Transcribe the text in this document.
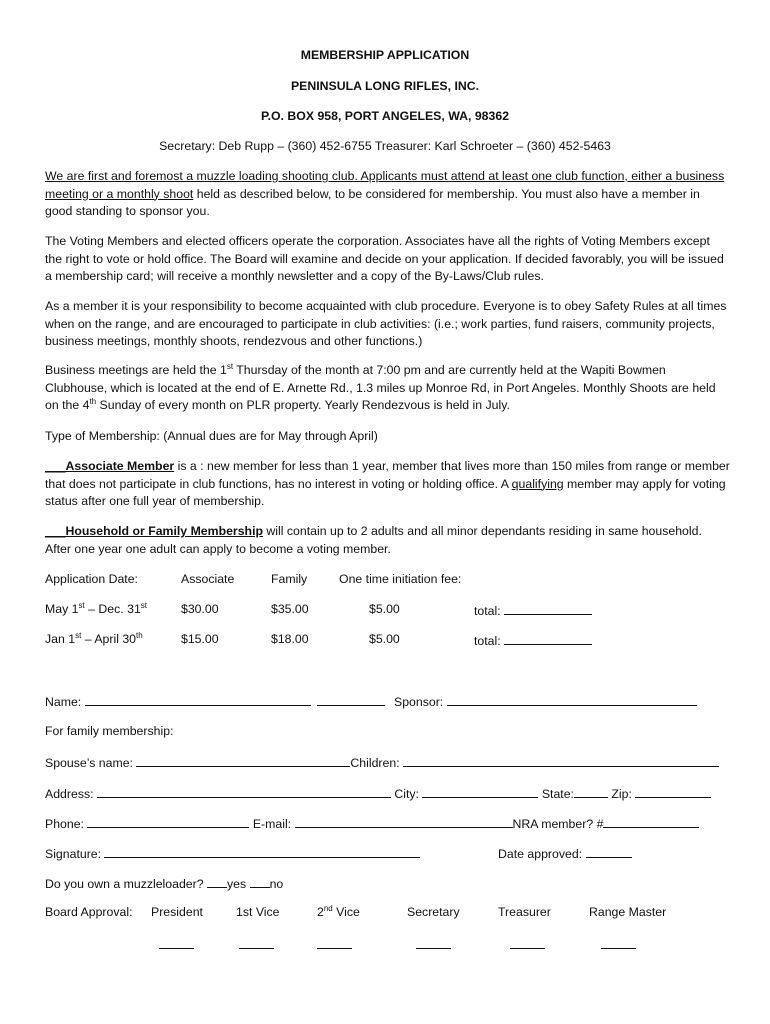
MEMBERSHIP APPLICATION
PENINSULA LONG RIFLES, INC.
P.O. BOX 958, PORT ANGELES, WA, 98362
Secretary: Deb Rupp – (360) 452-6755 Treasurer: Karl Schroeter – (360) 452-5463

We are first and foremost a muzzle loading shooting club. Applicants must attend at least one club function, either a business meeting or a monthly shoot held as described below, to be considered for membership. You must also have a member in good standing to sponsor you.

The Voting Members and elected officers operate the corporation. Associates have all the rights of Voting Members except the right to vote or hold office. The Board will examine and decide on your application. If decided favorably, you will be issued a membership card; will receive a monthly newsletter and a copy of the By-Laws/Club rules.

As a member it is your responsibility to become acquainted with club procedure. Everyone is to obey Safety Rules at all times when on the range, and are encouraged to participate in club activities: (i.e.; work parties, fund raisers, community projects, business meetings, monthly shoots, rendezvous and other functions.)

Business meetings are held the 1st Thursday of the month at 7:00 pm and are currently held at the Wapiti Bowmen Clubhouse, which is located at the end of E. Arnette Rd., 1.3 miles up Monroe Rd, in Port Angeles. Monthly Shoots are held on the 4th Sunday of every month on PLR property. Yearly Rendezvous is held in July.

Type of Membership: (Annual dues are for May through April)

___Associate Member is a : new member for less than 1 year, member that lives more than 150 miles from range or member that does not participate in club functions, has no interest in voting or holding office. A qualifying member may apply for voting status after one full year of membership.

___Household or Family Membership will contain up to 2 adults and all minor dependants residing in same household. After one year one adult can apply to become a voting member.

Application Date:	Associate	Family	One time initiation fee:
May 1st – Dec. 31st	$30.00	$35.00	$5.00	total:
Jan 1st – April 30th	$15.00	$18.00	$5.00	total:
Name:	Sponsor:
For family membership:
Spouse’s name:	Children:
Address:	City:	State:	Zip:
Phone:	E-mail:	NRA member? #
Signature:	Date approved:
Do you own a muzzleloader? yes no
Board Approval: President	1st Vice	2nd Vice	Secretary	Treasurer	Range Master
